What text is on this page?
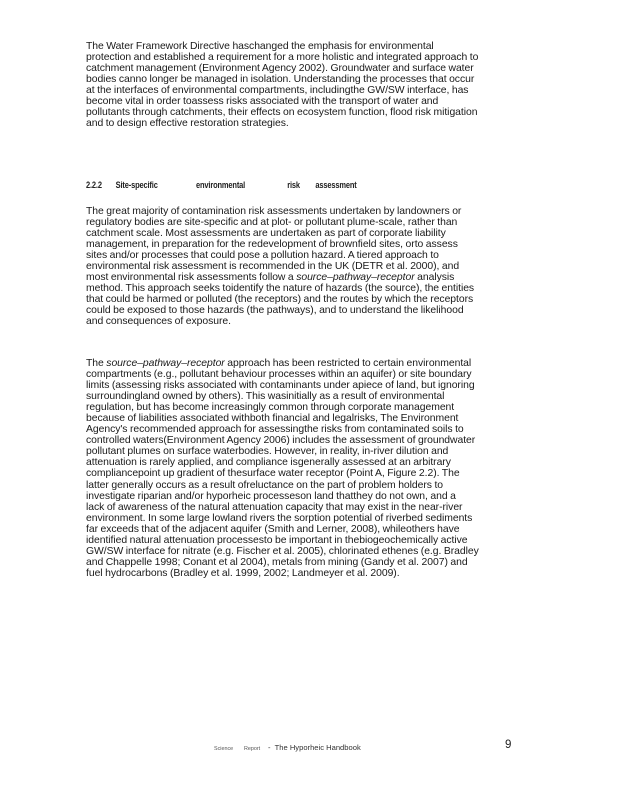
The Water Framework Directive haschanged the emphasis for environmental
protection and established a requirement for a more holistic and integrated approach to
catchment management (Environment Agency 2002). Groundwater and surface water
bodies canno longer be managed in isolation. Understanding the processes that occur
at the interfaces of environmental compartments, includingthe GW/SW interface, has
become vital in order toassess risks associated with the transport of water and
pollutants through catchments, their effects on ecosystem function, flood risk mitigation
and to design effective restoration strategies.
2.2.2 Site-specific	environmental	risk assessment
The great majority of contamination risk assessments undertaken by landowners or
regulatory bodies are site-specific and at plot- or pollutant plume-scale, rather than
catchment scale. Most assessments are undertaken as part of corporate liability
management, in preparation for the redevelopment of brownfield sites, orto assess
sites and/or processes that could pose a pollution hazard. A tiered approach to
environmental risk assessment is recommended in the UK (DETR et al. 2000), and
most environmental risk assessments follow a source–pathway–receptor analysis
method. This approach seeks toidentify the nature of hazards (the source), the entities
that could be harmed or polluted (the receptors) and the routes by which the receptors
could be exposed to those hazards (the pathways), and to understand the likelihood
and consequences of exposure.
The source–pathway–receptor approach has been restricted to certain environmental
compartments (e.g., pollutant behaviour processes within an aquifer) or site boundary
limits (assessing risks associated with contaminants under apiece of land, but ignoring
surroundingland owned by others). This wasinitially as a result of environmental
regulation, but has become increasingly common through corporate management
because of liabilities associated withboth financial and legalrisks, The Environment
Agency's recommended approach for assessingthe risks from contaminated soils to
controlled waters(Environment Agency 2006) includes the assessment of groundwater
pollutant plumes on surface waterbodies. However, in reality, in-river dilution and
attenuation is rarely applied, and compliance isgenerally assessed at an arbitrary
compliancepoint up gradient of thesurface water receptor (Point A, Figure 2.2). The
latter generally occurs as a result ofreluctance on the part of problem holders to
investigate riparian and/or hyporheic processeson land thatthey do not own, and a
lack of awareness of the natural attenuation capacity that may exist in the near-river
environment. In some large lowland rivers the sorption potential of riverbed sediments
far exceeds that of the adjacent aquifer (Smith and Lerner, 2008), whileothers have
identified natural attenuation processesto be important in thebiogeochemically active
GW/SW interface for nitrate (e.g. Fischer et al. 2005), chlorinated ethenes (e.g. Bradley
and Chappelle 1998; Conant et al 2004), metals from mining (Gandy et al. 2007) and
fuel hydrocarbons (Bradley et al. 1999, 2002; Landmeyer et al. 2009).
Science Report - The Hyporheic Handbook	9
